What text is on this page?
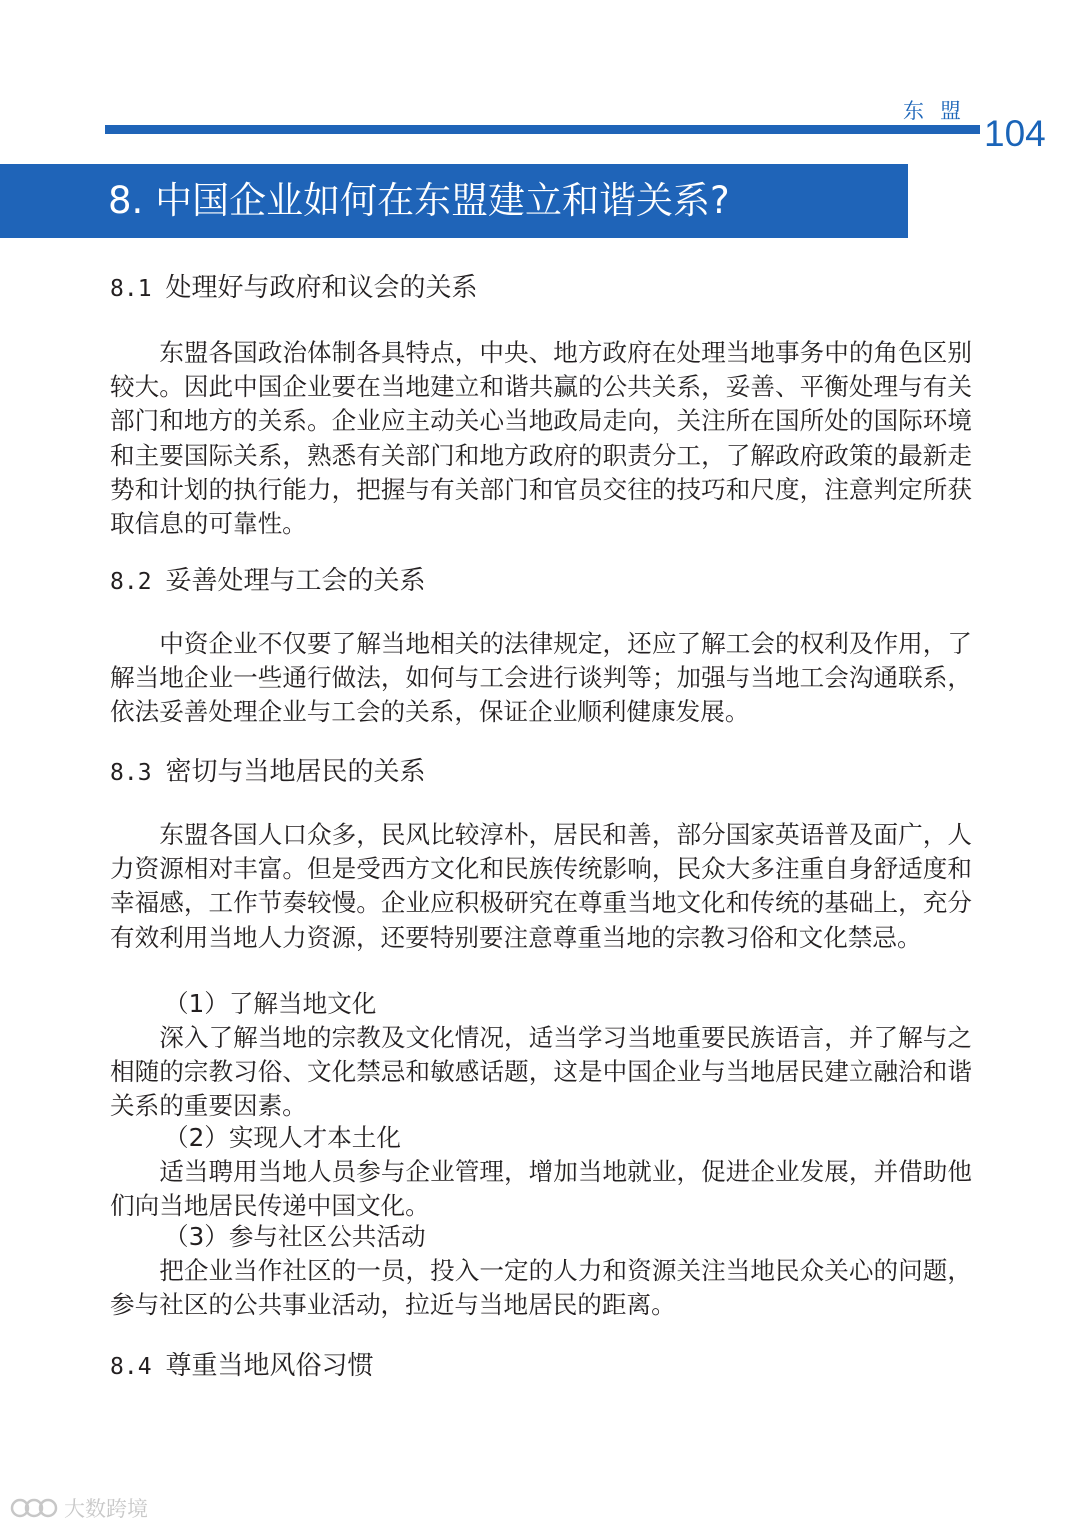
东盟
104
8. 中国企业如何在东盟建立和谐关系?
8.1 处理好与政府和议会的关系

东盟各国政治体制各具特点，中央、地方政府在处理当地事务中的角色区别较大。因此中国企业要在当地建立和谐共赢的公共关系，妥善、平衡处理与有关部门和地方的关系。企业应主动关心当地政局走向，关注所在国所处的国际环境和主要国际关系，熟悉有关部门和地方政府的职责分工，了解政府政策的最新走势和计划的执行能力，把握与有关部门和官员交往的技巧和尺度，注意判定所获取信息的可靠性。

8.2 妥善处理与工会的关系

中资企业不仅要了解当地相关的法律规定，还应了解工会的权利及作用，了解当地企业一些通行做法，如何与工会进行谈判等；加强与当地工会沟通联系，依法妥善处理企业与工会的关系，保证企业顺利健康发展。

8.3 密切与当地居民的关系

东盟各国人口众多，民风比较淳朴，居民和善，部分国家英语普及面广，人力资源相对丰富。但是受西方文化和民族传统影响，民众大多注重自身舒适度和幸福感，工作节奏较慢。企业应积极研究在尊重当地文化和传统的基础上，充分有效利用当地人力资源，还要特别要注意尊重当地的宗教习俗和文化禁忌。

（1）了解当地文化

深入了解当地的宗教及文化情况，适当学习当地重要民族语言，并了解与之相随的宗教习俗、文化禁忌和敏感话题，这是中国企业与当地居民建立融洽和谐关系的重要因素。

（2）实现人才本土化

适当聘用当地人员参与企业管理，增加当地就业，促进企业发展，并借助他们向当地居民传递中国文化。

（3）参与社区公共活动

把企业当作社区的一员，投入一定的人力和资源关注当地民众关心的问题，参与社区的公共事业活动，拉近与当地居民的距离。

8.4 尊重当地风俗习惯
大数跨境
